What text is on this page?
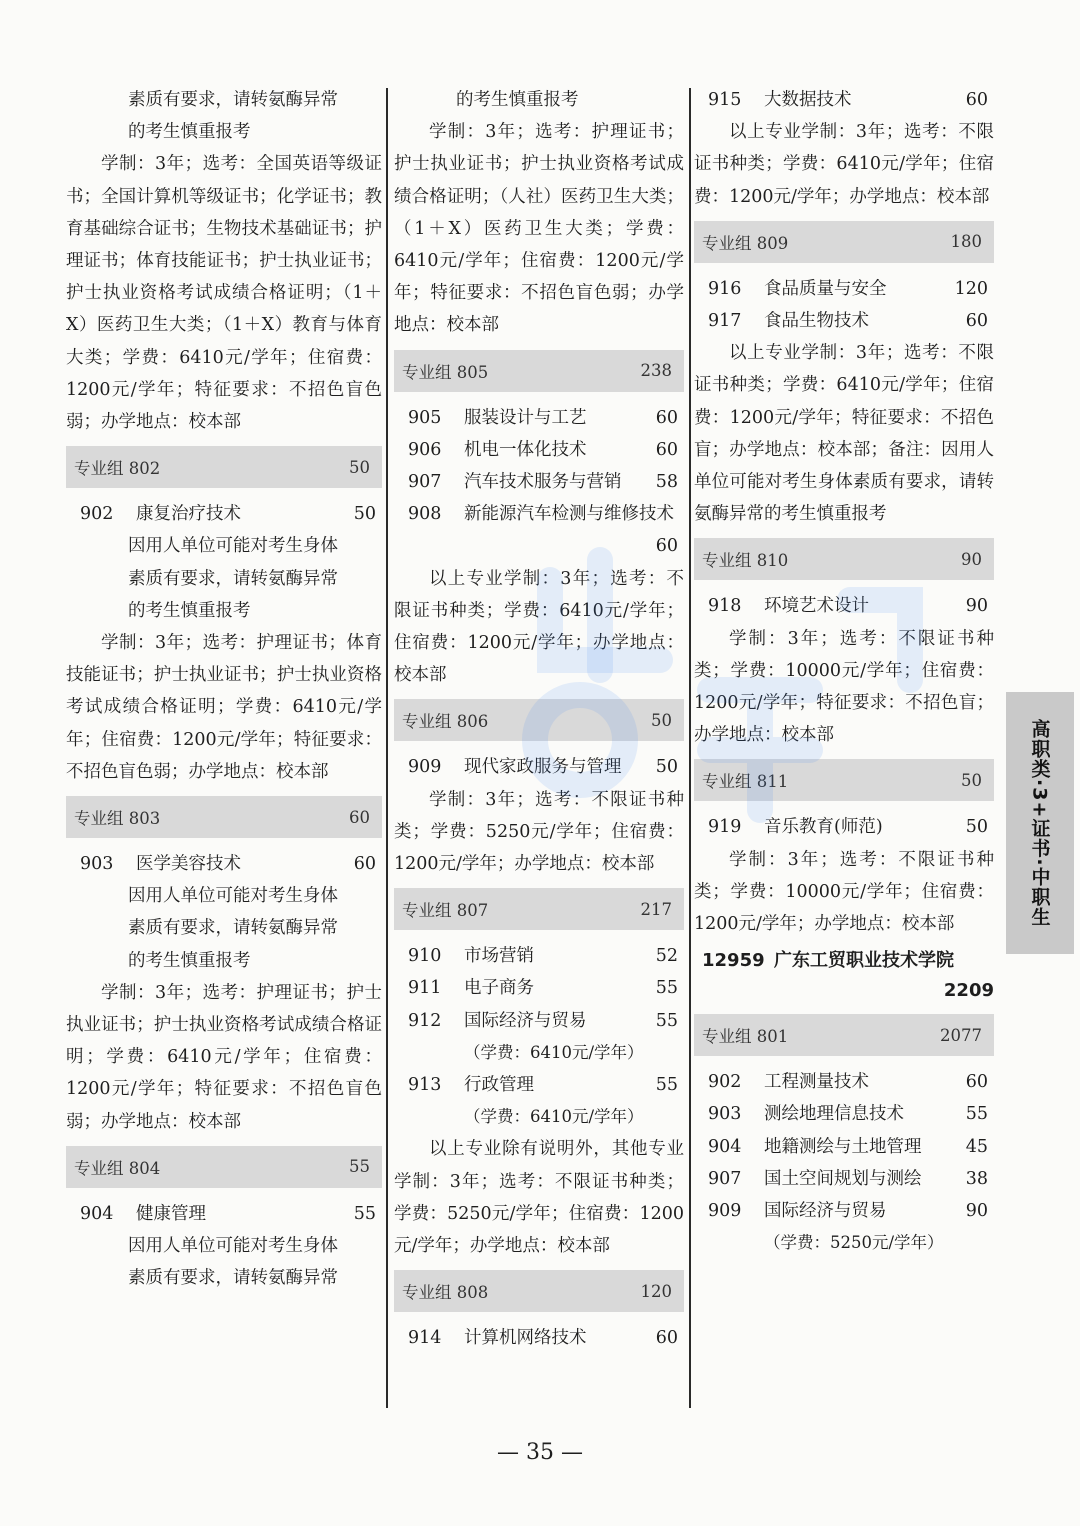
素质有要求，请转氨酶异常

的考生慎重报考

学制：3年；选考：全国英语等级证书；全国计算机等级证书；化学证书；教育基础综合证书；生物技术基础证书；护理证书；体育技能证书；护士执业证书；护士执业资格考试成绩合格证明；（1＋X）医药卫生大类；（1＋X）教育与体育大类；学费：6410元/学年；住宿费：1200元/学年；特征要求：不招色盲色弱；办学地点：校本部

专业组 802	50
902	康复治疗技术	50

因用人单位可能对考生身体

素质有要求，请转氨酶异常

的考生慎重报考

学制：3年；选考：护理证书；体育技能证书；护士执业证书；护士执业资格考试成绩合格证明；学费：6410元/学年；住宿费：1200元/学年；特征要求：不招色盲色弱；办学地点：校本部

专业组 803	60
903	医学美容技术	60

因用人单位可能对考生身体

素质有要求，请转氨酶异常

的考生慎重报考

学制：3年；选考：护理证书；护士执业证书；护士执业资格考试成绩合格证明；学费：6410元/学年；住宿费：1200元/学年；特征要求：不招色盲色弱；办学地点：校本部

专业组 804	55
904	健康管理	55

因用人单位可能对考生身体

素质有要求，请转氨酶异常

的考生慎重报考

学制：3年；选考：护理证书；护士执业证书；护士执业资格考试成绩合格证明；（人社）医药卫生大类；（1＋X）医药卫生大类；学费：6410元/学年；住宿费：1200元/学年；特征要求：不招色盲色弱；办学地点：校本部

专业组 805	238
905	服装设计与工艺	60
906	机电一体化技术	60
907	汽车技术服务与营销	58
908	新能源汽车检测与维修技术
60

以上专业学制：3年；选考：不限证书种类；学费：6410元/学年；住宿费：1200元/学年；办学地点：校本部

专业组 806	50
909	现代家政服务与管理	50

学制：3年；选考：不限证书种类；学费：5250元/学年；住宿费：1200元/学年；办学地点：校本部

专业组 807	217
910	市场营销	52
911	电子商务	55
912	国际经济与贸易	55
（学费：6410元/学年）
913	行政管理	55
（学费：6410元/学年）

以上专业除有说明外，其他专业学制：3年；选考：不限证书种类；学费：5250元/学年；住宿费：1200元/学年；办学地点：校本部

专业组 808	120
914	计算机网络技术	60
915	大数据技术	60

以上专业学制：3年；选考：不限证书种类；学费：6410元/学年；住宿费：1200元/学年；办学地点：校本部

专业组 809	180
916	食品质量与安全	120
917	食品生物技术	60

以上专业学制：3年；选考：不限证书种类；学费：6410元/学年；住宿费：1200元/学年；特征要求：不招色盲；办学地点：校本部；备注：因用人单位可能对考生身体素质有要求，请转氨酶异常的考生慎重报考

专业组 810	90
918	环境艺术设计	90

学制：3年；选考：不限证书种类；学费：10000元/学年；住宿费：1200元/学年；特征要求：不招色盲；办学地点：校本部

专业组 811	50
919	音乐教育(师范)	50

学制：3年；选考：不限证书种类；学费：10000元/学年；住宿费：1200元/学年；办学地点：校本部

12959 广东工贸职业技术学院
2209
专业组 801	2077
902	工程测量技术	60
903	测绘地理信息技术	55
904	地籍测绘与土地管理	45
907	国土空间规划与测绘	38
909	国际经济与贸易	90
（学费：5250元/学年）
高职类·3+证书·中职生
— 35 —
